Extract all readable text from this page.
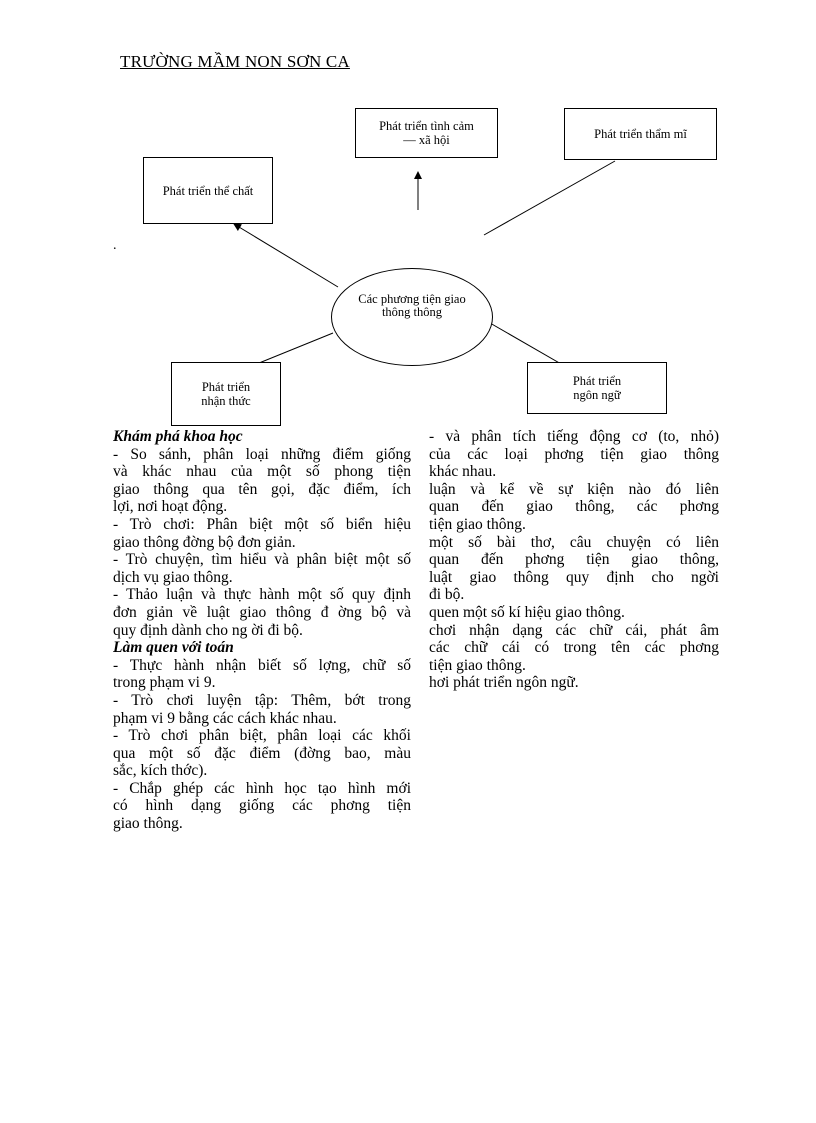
TRƯỜNG MẦM NON SƠN CA
.
Phát triển tình cảm — xã hội	Phát triển thẩm mĩ
Phát triển thể chất
Phát triển nhận thức
Phát triển ngôn ngữ
Các phương tiện giao thông thông
Khám phá khoa học
- So sánh, phân loại những điểm giống
và khác nhau của một số phong tiện
giao thông qua tên gọi, đặc điểm, ích
lợi, nơi hoạt động.
- Trò chơi: Phân biệt một số biển hiệu
giao thông đờng bộ đơn giản.
- Trò chuyện, tìm hiểu và phân biệt một số
dịch vụ giao thông.
- Thảo luận và thực hành một số quy định
đơn giản về luật giao thông đ ờng bộ và
quy định dành cho ng ời đi bộ.
Làm quen với toán
- Thực hành nhận biết số lợng, chữ số
trong phạm vi 9.
- Trò chơi luyện tập: Thêm, bớt trong
phạm vi 9 bằng các cách khác nhau.
- Trò chơi phân biệt, phân loại các khối
qua một số đặc điểm (đờng bao, màu
sắc, kích thớc).
- Chắp ghép các hình học tạo hình mới
có hình dạng giống các phơng tiện
giao thông.
- và phân tích tiếng động cơ (to, nhỏ)
của các loại phơng tiện giao thông
khác nhau.
luận và kể về sự kiện nào đó liên
quan đến giao thông, các phơng
tiện giao thông.
một số bài thơ, câu chuyện có liên
quan đến phơng tiện giao thông,
luật giao thông quy định cho ngời
đi bộ.
quen một số kí hiệu giao thông.
chơi nhận dạng các chữ cái, phát âm
các chữ cái có trong tên các phơng
tiện giao thông.
hơi phát triển ngôn ngữ.
